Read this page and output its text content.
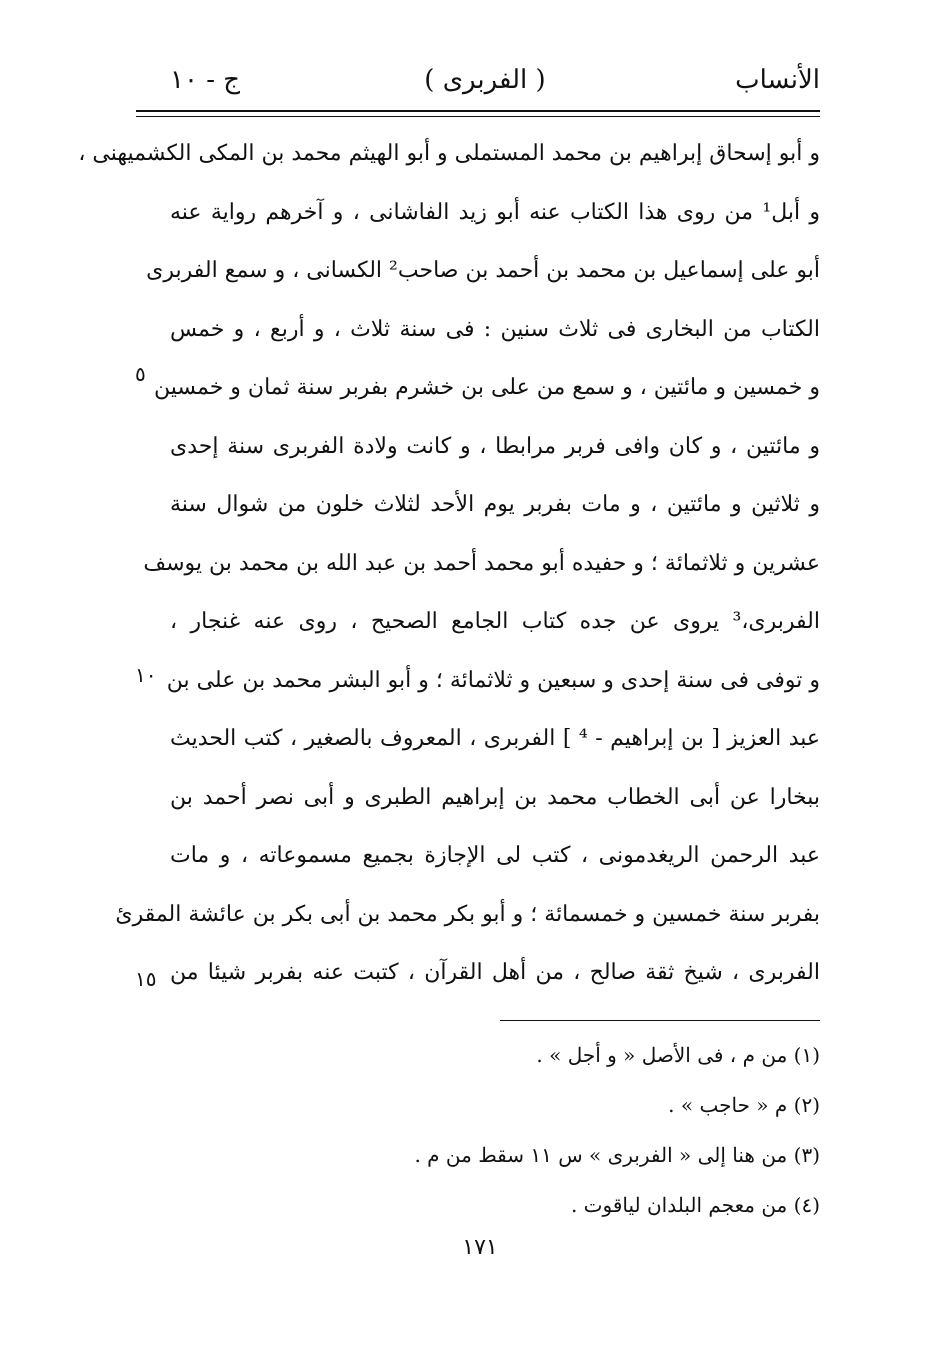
الأنساب
( الفربرى )
ج - ١٠
و أبو إسحاق إبراهيم بن محمد المستملى و أبو الهيثم محمد بن المكى الكشميهنى ،
و أبل¹ من روى هذا الكتاب عنه أبو زيد الفاشانى ، و آخرهم رواية عنه
أبو على إسماعيل بن محمد بن أحمد بن صاحب² الكسانى ، و سمع الفربرى
الكتاب من البخارى فى ثلاث سنين : فى سنة ثلاث ، و أربع ، و خمس
و خمسين و مائتين ، و سمع من على بن خشرم بفربر سنة ثمان و خمسين
و مائتين ، و كان وافى فربر مرابطا ، و كانت ولادة الفربرى سنة إحدى
و ثلاثين و مائتين ، و مات بفربر يوم الأحد لثلاث خلون من شوال سنة
عشرين و ثلاثمائة ؛ و حفيده أبو محمد أحمد بن عبد الله بن محمد بن يوسف
الفربرى،³ يروى عن جده كتاب الجامع الصحيح ، روى عنه غنجار ،
و توفى فى سنة إحدى و سبعين و ثلاثمائة ؛ و أبو البشر محمد بن على بن
عبد العزيز [ بن إبراهيم - ⁴ ] الفربرى ، المعروف بالصغير ، كتب الحديث
ببخارا عن أبى الخطاب محمد بن إبراهيم الطبرى و أبى نصر أحمد بن
عبد الرحمن الريغدمونى ، كتب لى الإجازة بجميع مسموعاته ، و مات
بفربر سنة خمسين و خمسمائة ؛ و أبو بكر محمد بن أبى بكر بن عائشة المقرئ
الفربرى ، شيخ ثقة صالح ، من أهل القرآن ، كتبت عنه بفربر شيئا من
٥
١٠
١٥
(١) من م ، فى الأصل « و أجل » .
(٢) م « حاجب » .
(٣) من هنا إلى « الفربرى » س ١١ سقط من م .
(٤) من معجم البلدان لياقوت .
١٧١
